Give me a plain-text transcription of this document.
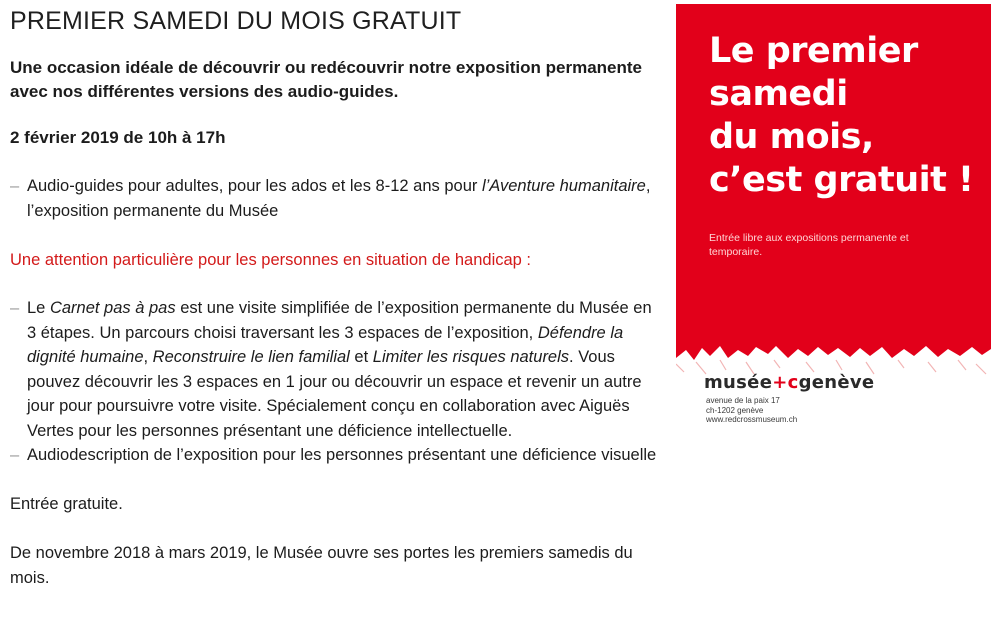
PREMIER SAMEDI DU MOIS GRATUIT

Une occasion idéale de découvrir ou redécouvrir notre exposition permanente avec nos différentes versions des audio-guides.

2 février 2019 de 10h à 17h

– Audio-guides pour adultes, pour les ados et les 8-12 ans pour l’Aventure humanitaire, l’exposition permanente du Musée

Une attention particulière pour les personnes en situation de handicap :

– Le Carnet pas à pas est une visite simplifiée de l’exposition permanente du Musée en 3 étapes. Un parcours choisi traversant les 3 espaces de l’exposition, Défendre la dignité humaine, Reconstruire le lien familial et Limiter les risques naturels. Vous pouvez découvrir les 3 espaces en 1 jour ou découvrir un espace et revenir un autre jour pour poursuivre votre visite. Spécialement conçu en collaboration avec Aiguës Vertes pour les personnes présentant une déficience intellectuelle.
– Audiodescription de l’exposition pour les personnes présentant une déficience visuelle

Entrée gratuite.

De novembre 2018 à mars 2019, le Musée ouvre ses portes les premiers samedis du mois.

Le premier
samedi
du mois,
c’est gratuit !
Entrée libre aux expositions permanente et temporaire.
musée+cgenève
avenue de la paix 17
ch-1202 genève
www.redcrossmuseum.ch
